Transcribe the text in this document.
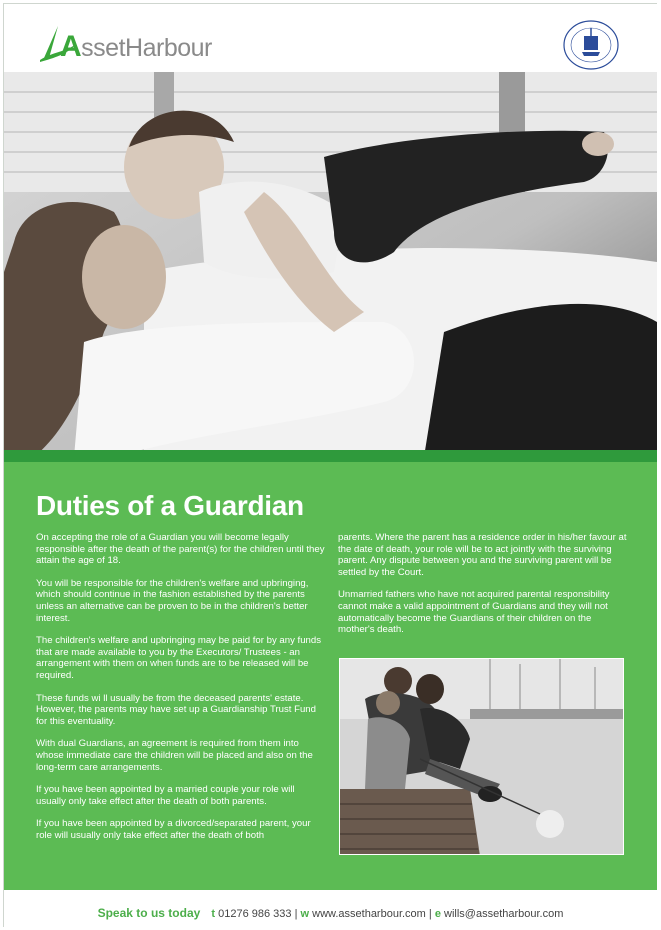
AssetHarbour
Duties of a Guardian

On accepting the role of a Guardian you will become legally responsible after the death of the parent(s) for the children until they attain the age of 18.

You will be responsible for the children's welfare and upbringing, which should continue in the fashion established by the parents unless an alternative can be proven to be in the children's better interest.

The children's welfare and upbringing may be paid for by any funds that are made available to you by the Executors/ Trustees - an arrangement with them on when funds are to be released will be required.

These funds wi ll usually be from the deceased parents' estate. However, the parents may have set up a Guardianship Trust Fund for this eventuality.

With dual Guardians, an agreement is required from them into whose immediate care the children will be placed and also on the long-term care arrangements.

If you have been appointed by a married couple your role will usually only take effect after the death of both parents.

If you have been appointed by a divorced/separated parent, your role will usually only take effect after the death of both

parents. Where the parent has a residence order in his/her favour at the date of death, your role will be to act jointly with the surviving parent. Any dispute between you and the surviving parent will be settled by the Court.

Unmarried fathers who have not acquired parental responsibility cannot make a valid appointment of Guardians and they will not automatically become the Guardians of their children on the mother's death.

Speak to us today t 01276 986 333 | w www.assetharbour.com | e wills@assetharbour.com
